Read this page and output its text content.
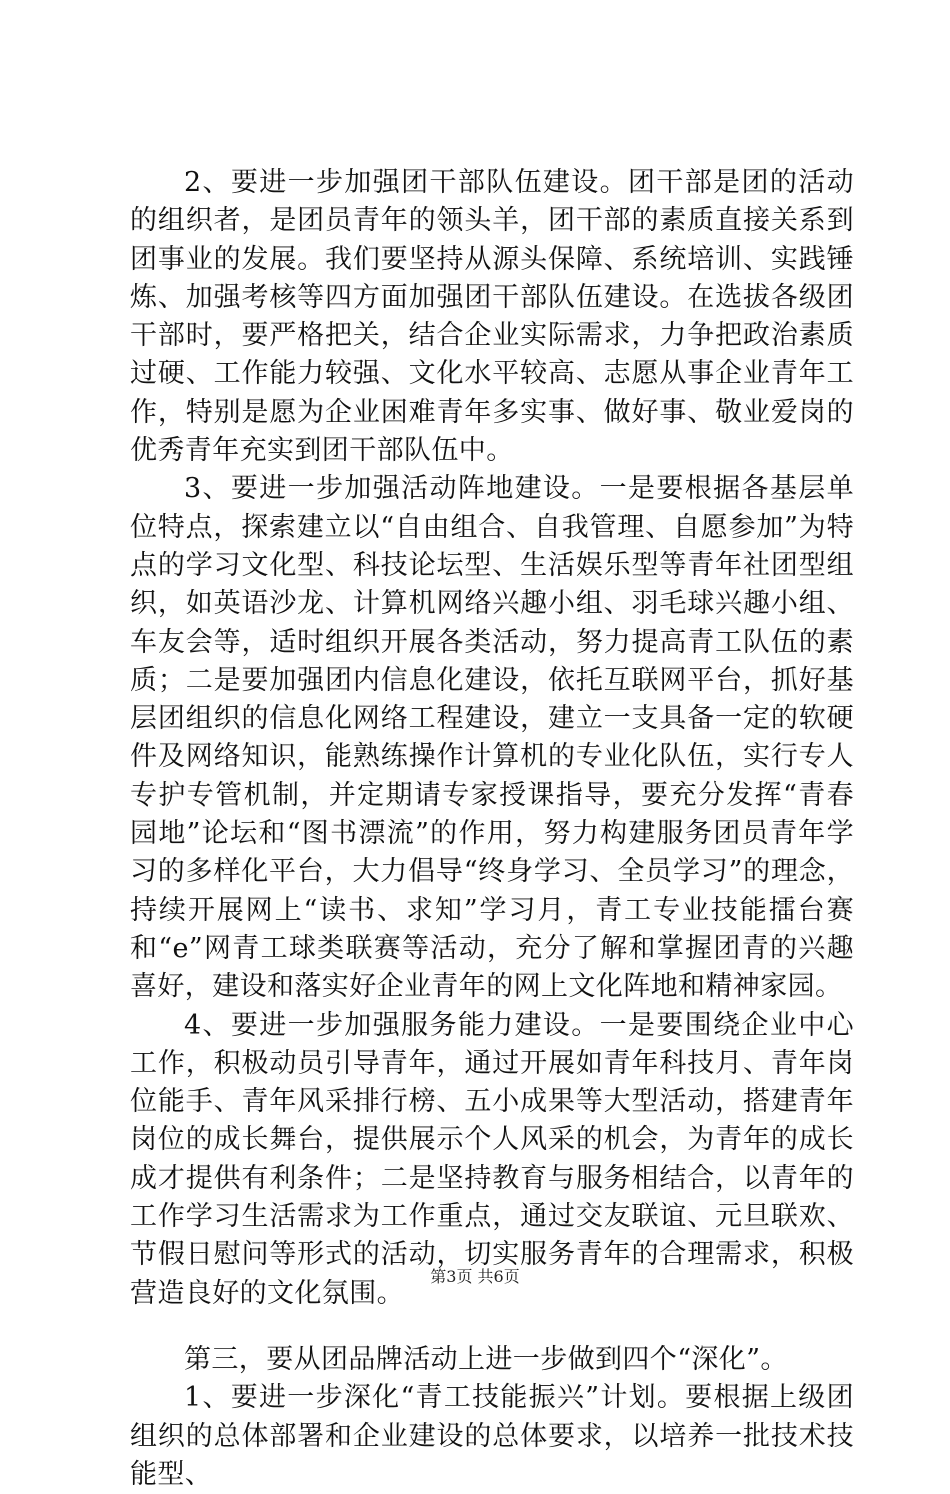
2、要进一步加强团干部队伍建设。团干部是团的活动的组织者，是团员青年的领头羊，团干部的素质直接关系到团事业的发展。我们要坚持从源头保障、系统培训、实践锤炼、加强考核等四方面加强团干部队伍建设。在选拔各级团干部时，要严格把关，结合企业实际需求，力争把政治素质过硬、工作能力较强、文化水平较高、志愿从事企业青年工作，特别是愿为企业困难青年多实事、做好事、敬业爱岗的优秀青年充实到团干部队伍中。

3、要进一步加强活动阵地建设。一是要根据各基层单位特点，探索建立以“自由组合、自我管理、自愿参加”为特点的学习文化型、科技论坛型、生活娱乐型等青年社团型组织，如英语沙龙、计算机网络兴趣小组、羽毛球兴趣小组、车友会等，适时组织开展各类活动，努力提高青工队伍的素质；二是要加强团内信息化建设，依托互联网平台，抓好基层团组织的信息化网络工程建设，建立一支具备一定的软硬件及网络知识，能熟练操作计算机的专业化队伍，实行专人专护专管机制，并定期请专家授课指导，要充分发挥“青春园地”论坛和“图书漂流”的作用，努力构建服务团员青年学习的多样化平台，大力倡导“终身学习、全员学习”的理念，持续开展网上“读书、求知”学习月，青工专业技能擂台赛和“e”网青工球类联赛等活动，充分了解和掌握团青的兴趣喜好，建设和落实好企业青年的网上文化阵地和精神家园。

4、要进一步加强服务能力建设。一是要围绕企业中心工作，积极动员引导青年，通过开展如青年科技月、青年岗位能手、青年风采排行榜、五小成果等大型活动，搭建青年岗位的成长舞台，提供展示个人风采的机会，为青年的成长成才提供有利条件；二是坚持教育与服务相结合，以青年的工作学习生活需求为工作重点，通过交友联谊、元旦联欢、节假日慰问等形式的活动，切实服务青年的合理需求，积极营造良好的文化氛围。

第三，要从团品牌活动上进一步做到四个“深化”。

1、要进一步深化“青工技能振兴”计划。要根据上级团组织的总体部署和企业建设的总体要求，以培养一批技术技能型、

第3页 共6页
